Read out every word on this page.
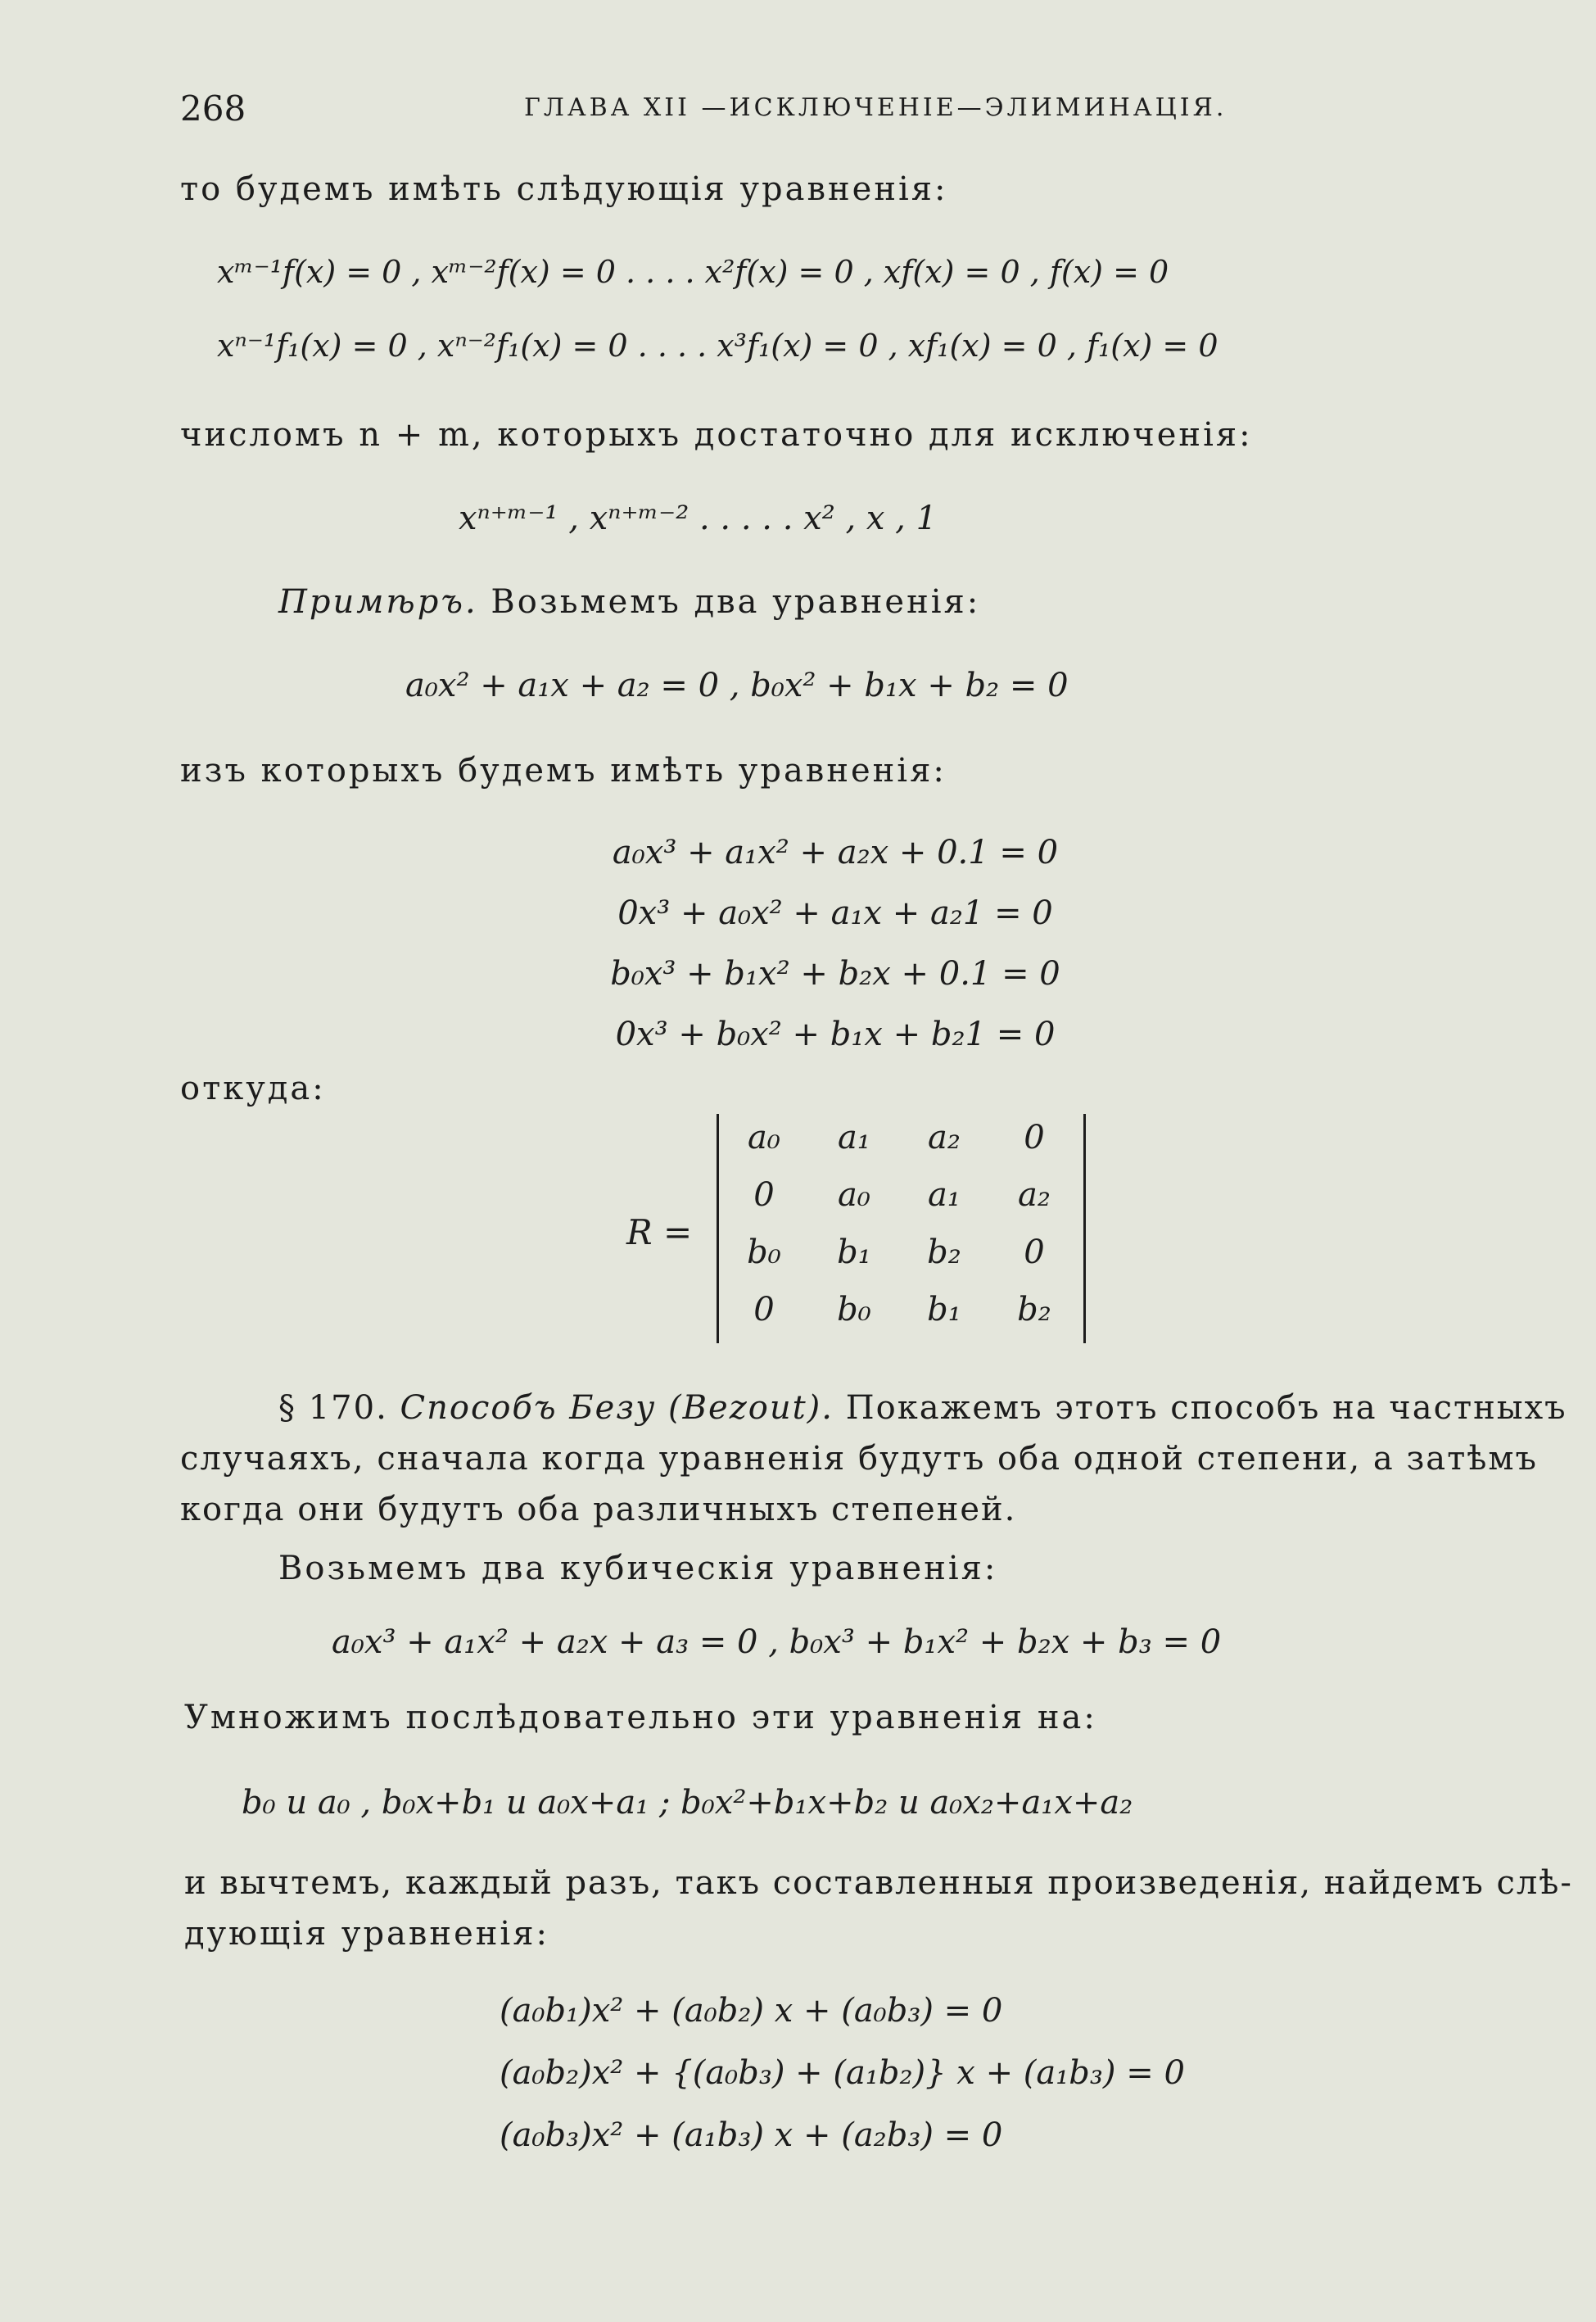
268	ГЛАВА XII —ИСКЛЮЧЕНIЕ—ЭЛИМИНАЦIЯ.
то будемъ имѣть слѣдующiя уравненiя:
xᵐ⁻¹f(x) = 0 , xᵐ⁻²f(x) = 0 . . . . x²f(x) = 0 , xf(x) = 0 , f(x) = 0
xⁿ⁻¹f₁(x) = 0 , xⁿ⁻²f₁(x) = 0 . . . . x³f₁(x) = 0 , xf₁(x) = 0 , f₁(x) = 0
числомъ n + m, которыхъ достаточно для исключенiя:
xⁿ⁺ᵐ⁻¹ , xⁿ⁺ᵐ⁻² . . . . . x² , x , 1
Примѣръ. Возьмемъ два уравненiя:
a₀x² + a₁x + a₂ = 0 , b₀x² + b₁x + b₂ = 0
изъ которыхъ будемъ имѣть уравненiя:
a₀x³ + a₁x² + a₂x + 0.1 = 0
0x³ + a₀x² + a₁x + a₂1 = 0
b₀x³ + b₁x² + b₂x + 0.1 = 0
0x³ + b₀x² + b₁x + b₂1 = 0
откуда:
R =
a₀	a₁	a₂	0
0	a₀	a₁	a₂
b₀	b₁	b₂	0
0	b₀	b₁	b₂
§ 170. Способъ Безу (Bezout). Покажемъ этотъ способъ на частныхъ
случаяхъ, сначала когда уравненiя будутъ оба одной степени, а затѣмъ
когда они будутъ оба различныхъ степеней.
Возьмемъ два кубическiя уравненiя:
a₀x³ + a₁x² + a₂x + a₃ = 0 , b₀x³ + b₁x² + b₂x + b₃ = 0
Умножимъ послѣдовательно эти уравненiя на:
b₀ и a₀ , b₀x+b₁ и a₀x+a₁ ; b₀x²+b₁x+b₂ и a₀x₂+a₁x+a₂
и вычтемъ, каждый разъ, такъ составленныя произведенiя, найдемъ слѣ-
дующiя уравненiя:
(a₀b₁)x² + (a₀b₂) x + (a₀b₃) = 0
(a₀b₂)x² + {(a₀b₃) + (a₁b₂)} x + (a₁b₃) = 0
(a₀b₃)x² + (a₁b₃) x + (a₂b₃) = 0
